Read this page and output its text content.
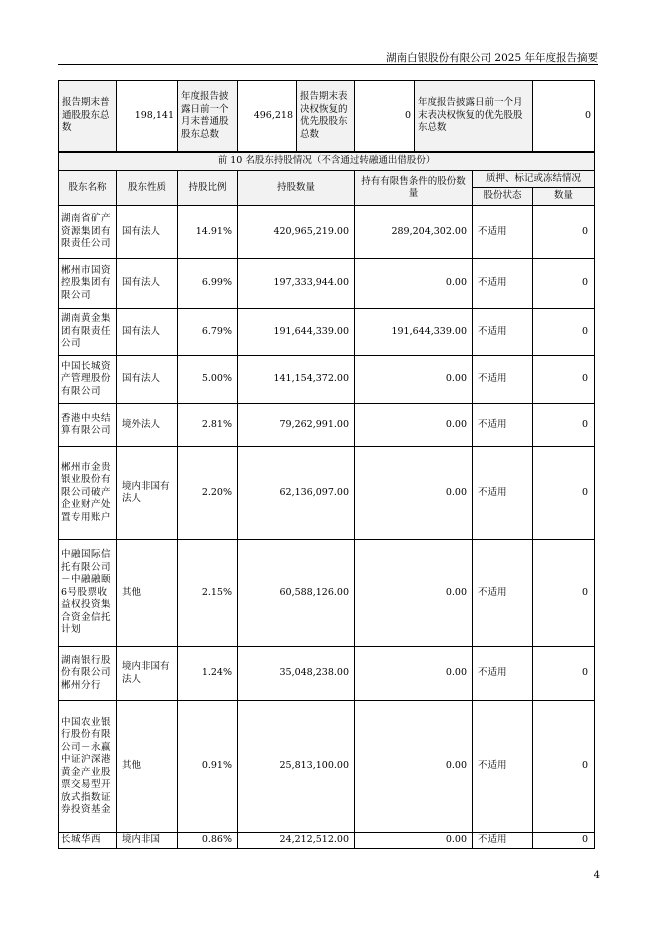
湖南白银股份有限公司 2025 年年度报告摘要
报告期末普通股股东总数	198,141	年度报告披露日前一个月末普通股股东总数	496,218	报告期末表决权恢复的优先股股东总数	0	年度报告披露日前一个月末表决权恢复的优先股股东总数	0
前 10 名股东持股情况（不含通过转融通出借股份）						
股东名称	股东性质	持股比例	持股数量	持有有限售条件的股份数量	质押、标记或冻结情况	
					股份状态	数量
湖南省矿产资源集团有限责任公司	国有法人	14.91%	420,965,219.00	289,204,302.00	不适用	0
郴州市国资控股集团有限公司	国有法人	6.99%	197,333,944.00	0.00	不适用	0
湖南黄金集团有限责任公司	国有法人	6.79%	191,644,339.00	191,644,339.00	不适用	0
中国长城资产管理股份有限公司	国有法人	5.00%	141,154,372.00	0.00	不适用	0
香港中央结算有限公司	境外法人	2.81%	79,262,991.00	0.00	不适用	0
郴州市金贵银业股份有限公司破产企业财产处置专用账户	境内非国有法人	2.20%	62,136,097.00	0.00	不适用	0
中融国际信托有限公司－中融融颐6号股票收益权投资集合资金信托计划	其他	2.15%	60,588,126.00	0.00	不适用	0
湖南银行股份有限公司郴州分行	境内非国有法人	1.24%	35,048,238.00	0.00	不适用	0
中国农业银行股份有限公司－永赢中证沪深港黄金产业股票交易型开放式指数证券投资基金	其他	0.91%	25,813,100.00	0.00	不适用	0
长城华西	境内非国	0.86%	24,212,512.00	0.00	不适用	0
4
